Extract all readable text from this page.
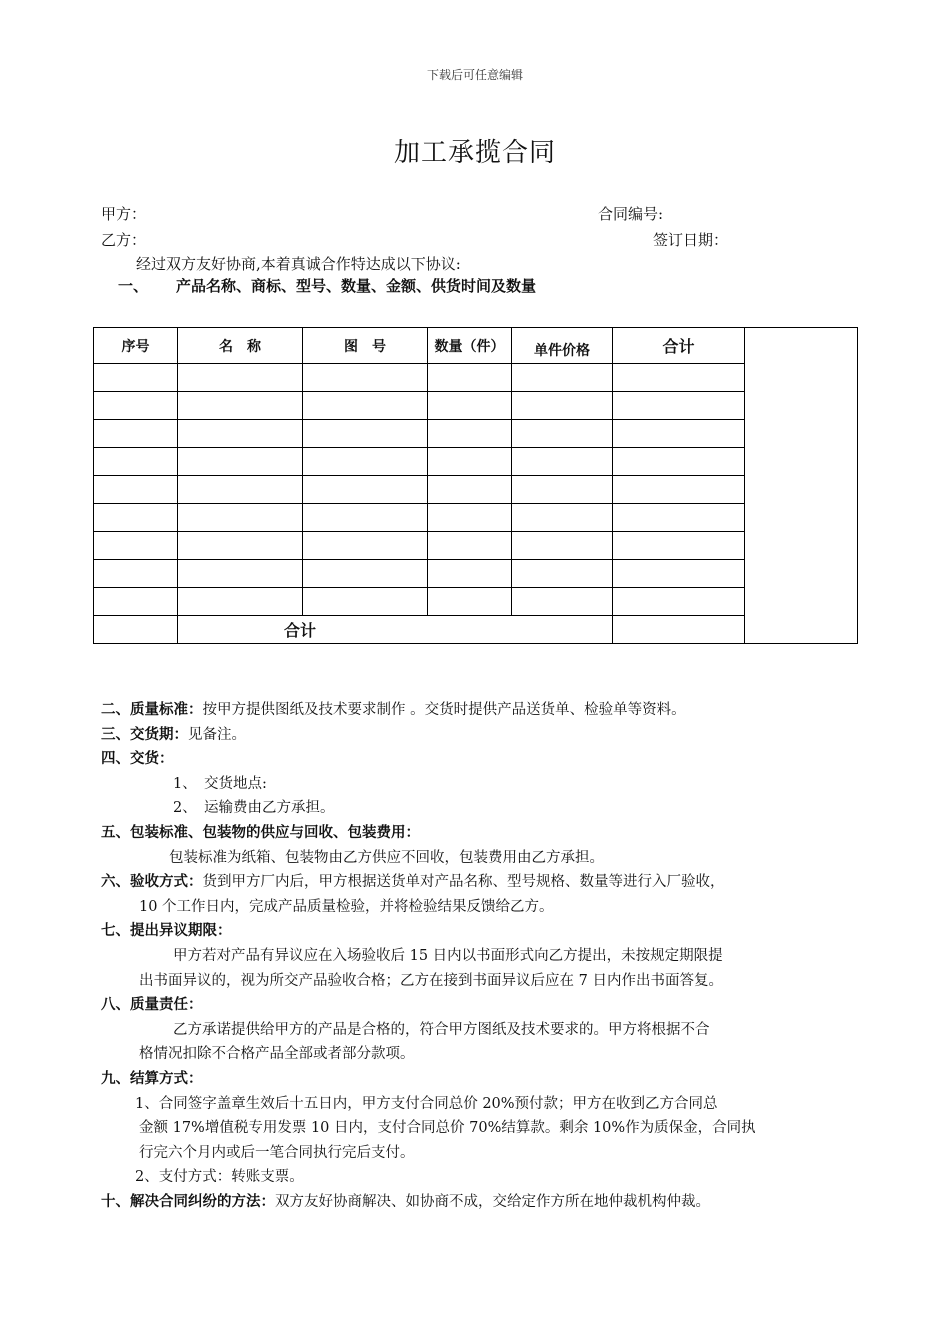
下载后可任意编辑
加工承揽合同
甲方：	合同编号:
乙方：	签订日期：
经过双方友好协商,本着真诚合作特达成以下协议:
一、 产品名称、商标、型号、数量、金额、供货时间及数量
序号	名　称	图　号	数量（件）	单件价格	合计	

	合计					
二、质量标准：按甲方提供图纸及技术要求制作 。交货时提供产品送货单、检验单等资料。
三、交货期：见备注。
四、交货：
1、　交货地点:
2、　运输费由乙方承担。
五、包装标准、包装物的供应与回收、包装费用：
包装标准为纸箱、包装物由乙方供应不回收，包装费用由乙方承担。
六、验收方式：货到甲方厂内后，甲方根据送货单对产品名称、型号规格、数量等进行入厂验收，
10 个工作日内，完成产品质量检验，并将检验结果反馈给乙方。
七、提出异议期限：
甲方若对产品有异议应在入场验收后 15 日内以书面形式向乙方提出，未按规定期限提
出书面异议的，视为所交产品验收合格；乙方在接到书面异议后应在 7 日内作出书面答复。
八、质量责任：
乙方承诺提供给甲方的产品是合格的，符合甲方图纸及技术要求的。甲方将根据不合
格情况扣除不合格产品全部或者部分款项。
九、结算方式：
1、合同签字盖章生效后十五日内，甲方支付合同总价 20%预付款；甲方在收到乙方合同总
金额 17%增值税专用发票 10 日内，支付合同总价 70%结算款。剩余 10%作为质保金，合同执
行完六个月内或后一笔合同执行完后支付。
2、支付方式：转账支票。
十、解决合同纠纷的方法：双方友好协商解决、如协商不成，交给定作方所在地仲裁机构仲裁。
